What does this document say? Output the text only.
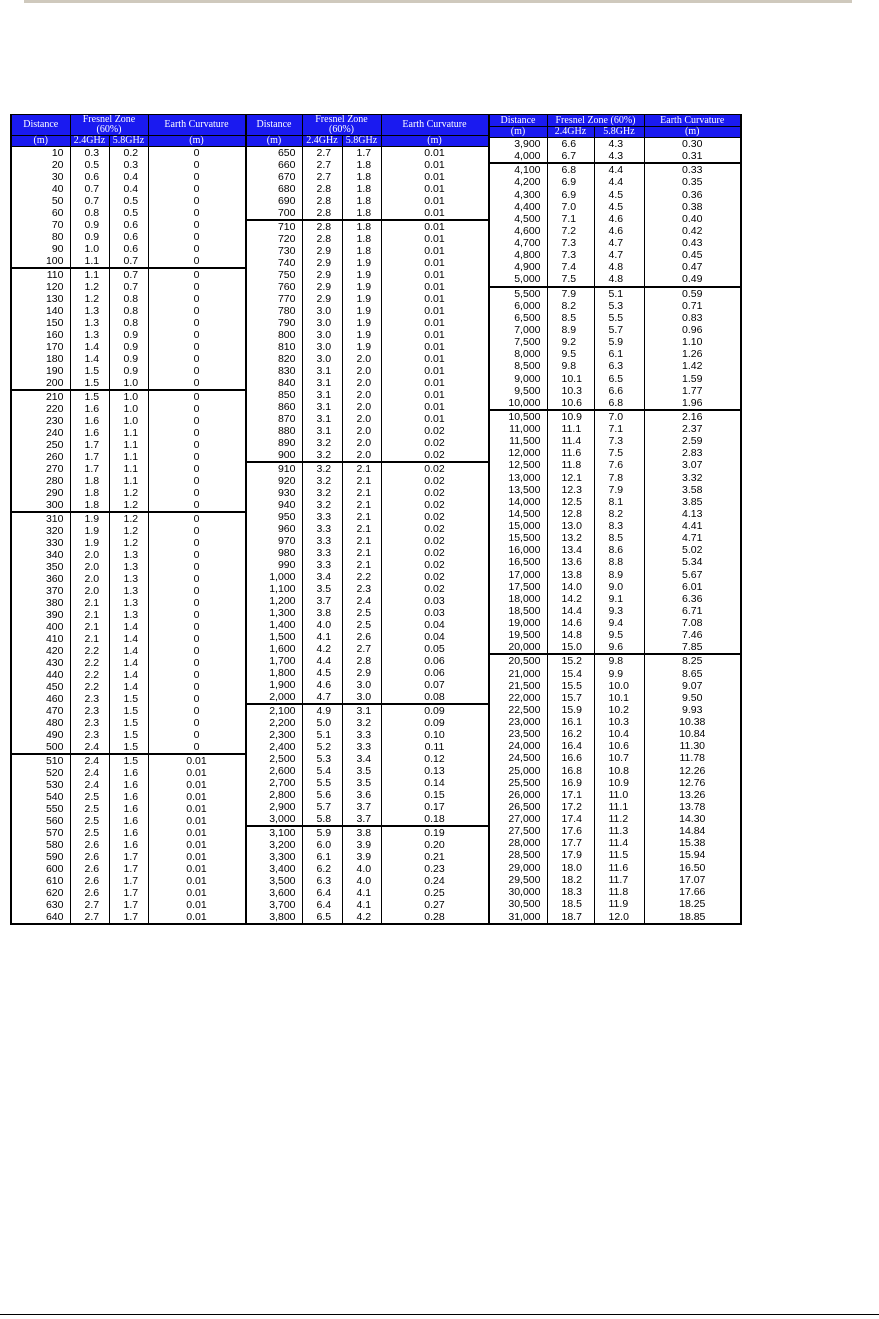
Distance	Fresnel Zone (60%)		Earth Curvature
(m)	2.4GHz	5.8GHz	(m)
10	0.3	0.2	0
20	0.5	0.3	0
30	0.6	0.4	0
40	0.7	0.4	0
50	0.7	0.5	0
60	0.8	0.5	0
70	0.9	0.6	0
80	0.9	0.6	0
90	1.0	0.6	0
100	1.1	0.7	0
110	1.1	0.7	0
120	1.2	0.7	0
130	1.2	0.8	0
140	1.3	0.8	0
150	1.3	0.8	0
160	1.3	0.9	0
170	1.4	0.9	0
180	1.4	0.9	0
190	1.5	0.9	0
200	1.5	1.0	0
210	1.5	1.0	0
220	1.6	1.0	0
230	1.6	1.0	0
240	1.6	1.1	0
250	1.7	1.1	0
260	1.7	1.1	0
270	1.7	1.1	0
280	1.8	1.1	0
290	1.8	1.2	0
300	1.8	1.2	0
310	1.9	1.2	0
320	1.9	1.2	0
330	1.9	1.2	0
340	2.0	1.3	0
350	2.0	1.3	0
360	2.0	1.3	0
370	2.0	1.3	0
380	2.1	1.3	0
390	2.1	1.3	0
400	2.1	1.4	0
410	2.1	1.4	0
420	2.2	1.4	0
430	2.2	1.4	0
440	2.2	1.4	0
450	2.2	1.4	0
460	2.3	1.5	0
470	2.3	1.5	0
480	2.3	1.5	0
490	2.3	1.5	0
500	2.4	1.5	0
510	2.4	1.5	0.01
520	2.4	1.6	0.01
530	2.4	1.6	0.01
540	2.5	1.6	0.01
550	2.5	1.6	0.01
560	2.5	1.6	0.01
570	2.5	1.6	0.01
580	2.6	1.6	0.01
590	2.6	1.7	0.01
600	2.6	1.7	0.01
610	2.6	1.7	0.01
620	2.6	1.7	0.01
630	2.7	1.7	0.01
640	2.7	1.7	0.01
Distance	Fresnel Zone (60%)		Earth Curvature
(m)	2.4GHz	5.8GHz	(m)
650	2.7	1.7	0.01
660	2.7	1.8	0.01
670	2.7	1.8	0.01
680	2.8	1.8	0.01
690	2.8	1.8	0.01
700	2.8	1.8	0.01
710	2.8	1.8	0.01
720	2.8	1.8	0.01
730	2.9	1.8	0.01
740	2.9	1.9	0.01
750	2.9	1.9	0.01
760	2.9	1.9	0.01
770	2.9	1.9	0.01
780	3.0	1.9	0.01
790	3.0	1.9	0.01
800	3.0	1.9	0.01
810	3.0	1.9	0.01
820	3.0	2.0	0.01
830	3.1	2.0	0.01
840	3.1	2.0	0.01
850	3.1	2.0	0.01
860	3.1	2.0	0.01
870	3.1	2.0	0.01
880	3.1	2.0	0.02
890	3.2	2.0	0.02
900	3.2	2.0	0.02
910	3.2	2.1	0.02
920	3.2	2.1	0.02
930	3.2	2.1	0.02
940	3.2	2.1	0.02
950	3.3	2.1	0.02
960	3.3	2.1	0.02
970	3.3	2.1	0.02
980	3.3	2.1	0.02
990	3.3	2.1	0.02
1,000	3.4	2.2	0.02
1,100	3.5	2.3	0.02
1,200	3.7	2.4	0.03
1,300	3.8	2.5	0.03
1,400	4.0	2.5	0.04
1,500	4.1	2.6	0.04
1,600	4.2	2.7	0.05
1,700	4.4	2.8	0.06
1,800	4.5	2.9	0.06
1,900	4.6	3.0	0.07
2,000	4.7	3.0	0.08
2,100	4.9	3.1	0.09
2,200	5.0	3.2	0.09
2,300	5.1	3.3	0.10
2,400	5.2	3.3	0.11
2,500	5.3	3.4	0.12
2,600	5.4	3.5	0.13
2,700	5.5	3.5	0.14
2,800	5.6	3.6	0.15
2,900	5.7	3.7	0.17
3,000	5.8	3.7	0.18
3,100	5.9	3.8	0.19
3,200	6.0	3.9	0.20
3,300	6.1	3.9	0.21
3,400	6.2	4.0	0.23
3,500	6.3	4.0	0.24
3,600	6.4	4.1	0.25
3,700	6.4	4.1	0.27
3,800	6.5	4.2	0.28
Distance	Fresnel Zone (60%)		Earth Curvature
(m)	2.4GHz	5.8GHz	(m)
3,900	6.6	4.3	0.30
4,000	6.7	4.3	0.31
4,100	6.8	4.4	0.33
4,200	6.9	4.4	0.35
4,300	6.9	4.5	0.36
4,400	7.0	4.5	0.38
4,500	7.1	4.6	0.40
4,600	7.2	4.6	0.42
4,700	7.3	4.7	0.43
4,800	7.3	4.7	0.45
4,900	7.4	4.8	0.47
5,000	7.5	4.8	0.49
5,500	7.9	5.1	0.59
6,000	8.2	5.3	0.71
6,500	8.5	5.5	0.83
7,000	8.9	5.7	0.96
7,500	9.2	5.9	1.10
8,000	9.5	6.1	1.26
8,500	9.8	6.3	1.42
9,000	10.1	6.5	1.59
9,500	10.3	6.6	1.77
10,000	10.6	6.8	1.96
10,500	10.9	7.0	2.16
11,000	11.1	7.1	2.37
11,500	11.4	7.3	2.59
12,000	11.6	7.5	2.83
12,500	11.8	7.6	3.07
13,000	12.1	7.8	3.32
13,500	12.3	7.9	3.58
14,000	12.5	8.1	3.85
14,500	12.8	8.2	4.13
15,000	13.0	8.3	4.41
15,500	13.2	8.5	4.71
16,000	13.4	8.6	5.02
16,500	13.6	8.8	5.34
17,000	13.8	8.9	5.67
17,500	14.0	9.0	6.01
18,000	14.2	9.1	6.36
18,500	14.4	9.3	6.71
19,000	14.6	9.4	7.08
19,500	14.8	9.5	7.46
20,000	15.0	9.6	7.85
20,500	15.2	9.8	8.25
21,000	15.4	9.9	8.65
21,500	15.5	10.0	9.07
22,000	15.7	10.1	9.50
22,500	15.9	10.2	9.93
23,000	16.1	10.3	10.38
23,500	16.2	10.4	10.84
24,000	16.4	10.6	11.30
24,500	16.6	10.7	11.78
25,000	16.8	10.8	12.26
25,500	16.9	10.9	12.76
26,000	17.1	11.0	13.26
26,500	17.2	11.1	13.78
27,000	17.4	11.2	14.30
27,500	17.6	11.3	14.84
28,000	17.7	11.4	15.38
28,500	17.9	11.5	15.94
29,000	18.0	11.6	16.50
29,500	18.2	11.7	17.07
30,000	18.3	11.8	17.66
30,500	18.5	11.9	18.25
31,000	18.7	12.0	18.85
